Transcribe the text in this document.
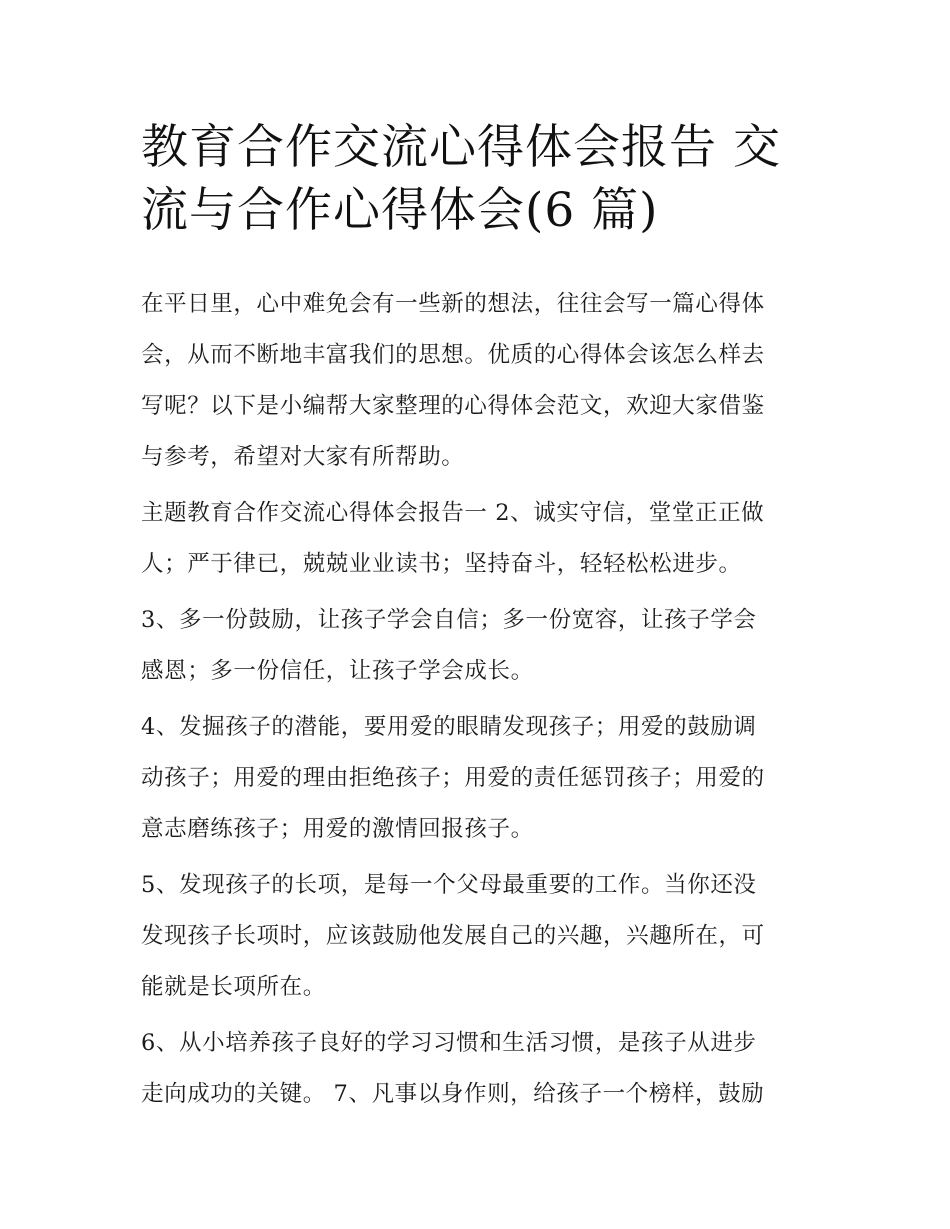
教育合作交流心得体会报告 交
流与合作心得体会(6 篇)

在平日里，心中难免会有一些新的想法，往往会写一篇心得体
会，从而不断地丰富我们的思想。优质的心得体会该怎么样去
写呢？以下是小编帮大家整理的心得体会范文，欢迎大家借鉴
与参考，希望对大家有所帮助。

主题教育合作交流心得体会报告一 2、诚实守信，堂堂正正做
人；严于律已，兢兢业业读书；坚持奋斗，轻轻松松进步。

3、多一份鼓励，让孩子学会自信；多一份宽容，让孩子学会
感恩；多一份信任，让孩子学会成长。

4、发掘孩子的潜能，要用爱的眼睛发现孩子；用爱的鼓励调
动孩子；用爱的理由拒绝孩子；用爱的责任惩罚孩子；用爱的
意志磨练孩子；用爱的激情回报孩子。

5、发现孩子的长项，是每一个父母最重要的工作。当你还没
发现孩子长项时，应该鼓励他发展自己的兴趣，兴趣所在，可
能就是长项所在。

6、从小培养孩子良好的学习习惯和生活习惯，是孩子从进步
走向成功的关键。 7、凡事以身作则，给孩子一个榜样，鼓励
